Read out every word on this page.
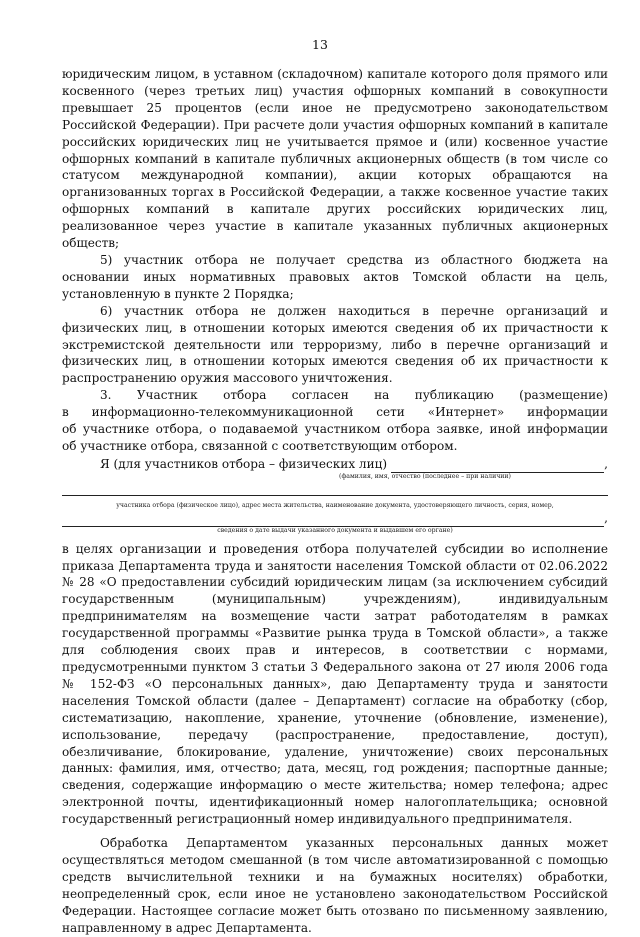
13

юридическим лицом, в уставном (складочном) капитале которого доля прямого или косвенного (через третьих лиц) участия офшорных компаний в совокупности превышает 25 процентов (если иное не предусмотрено законодательством Российской Федерации). При расчете доли участия офшорных компаний в капитале российских юридических лиц не учитывается прямое и (или) косвенное участие офшорных компаний в капитале публичных акционерных обществ (в том числе со статусом международной компании), акции которых обращаются на организованных торгах в Российской Федерации, а также косвенное участие таких офшорных компаний в капитале других российских юридических лиц, реализованное через участие в капитале указанных публичных акционерных обществ;

5) участник отбора не получает средства из областного бюджета на основании иных нормативных правовых актов Томской области на цель, установленную в пункте 2 Порядка;

6) участник отбора не должен находиться в перечне организаций и физических лиц, в отношении которых имеются сведения об их причастности к экстремистской деятельности или терроризму, либо в перечне организаций и физических лиц, в отношении которых имеются сведения об их причастности к распространению оружия массового уничтожения.

3. Участник отбора согласен на публикацию (размещение)
в информационно-телекоммуникационной сети «Интернет» информации
об участнике отбора, о подаваемой участником отбора заявке, иной информации
об участнике отбора, связанной с соответствующим отбором.
Я (для участников отбора – физических лиц)	,
(фамилия, имя, отчество (последнее – при наличии)
участника отбора (физическое лицо), адрес места жительства, наименование документа, удостоверяющего личность, серия, номер,
,
сведения о дате выдачи указанного документа и выдавшем его органе)

в целях организации и проведения отбора получателей субсидии во исполнение приказа Департамента труда и занятости населения Томской области от 02.06.2022 № 28 «О предоставлении субсидий юридическим лицам (за исключением субсидий государственным (муниципальным) учреждениям), индивидуальным предпринимателям на возмещение части затрат работодателям в рамках государственной программы «Развитие рынка труда в Томской области», а также для соблюдения своих прав и интересов, в соответствии с нормами, предусмотренными пунктом 3 статьи 3 Федерального закона от 27 июля 2006 года № 152-ФЗ «О персональных данных», даю Департаменту труда и занятости населения Томской области (далее – Департамент) согласие на обработку (сбор, систематизацию, накопление, хранение, уточнение (обновление, изменение), использование, передачу (распространение, предоставление, доступ), обезличивание, блокирование, удаление, уничтожение) своих персональных данных: фамилия, имя, отчество; дата, месяц, год рождения; паспортные данные; сведения, содержащие информацию о месте жительства; номер телефона; адрес электронной почты, идентификационный номер налогоплательщика; основной государственный регистрационный номер индивидуального предпринимателя.

Обработка Департаментом указанных персональных данных может осуществляться методом смешанной (в том числе автоматизированной с помощью средств вычислительной техники и на бумажных носителях) обработки, неопределенный срок, если иное не установлено законодательством Российской Федерации. Настоящее согласие может быть отозвано по письменному заявлению, направленному в адрес Департамента.
